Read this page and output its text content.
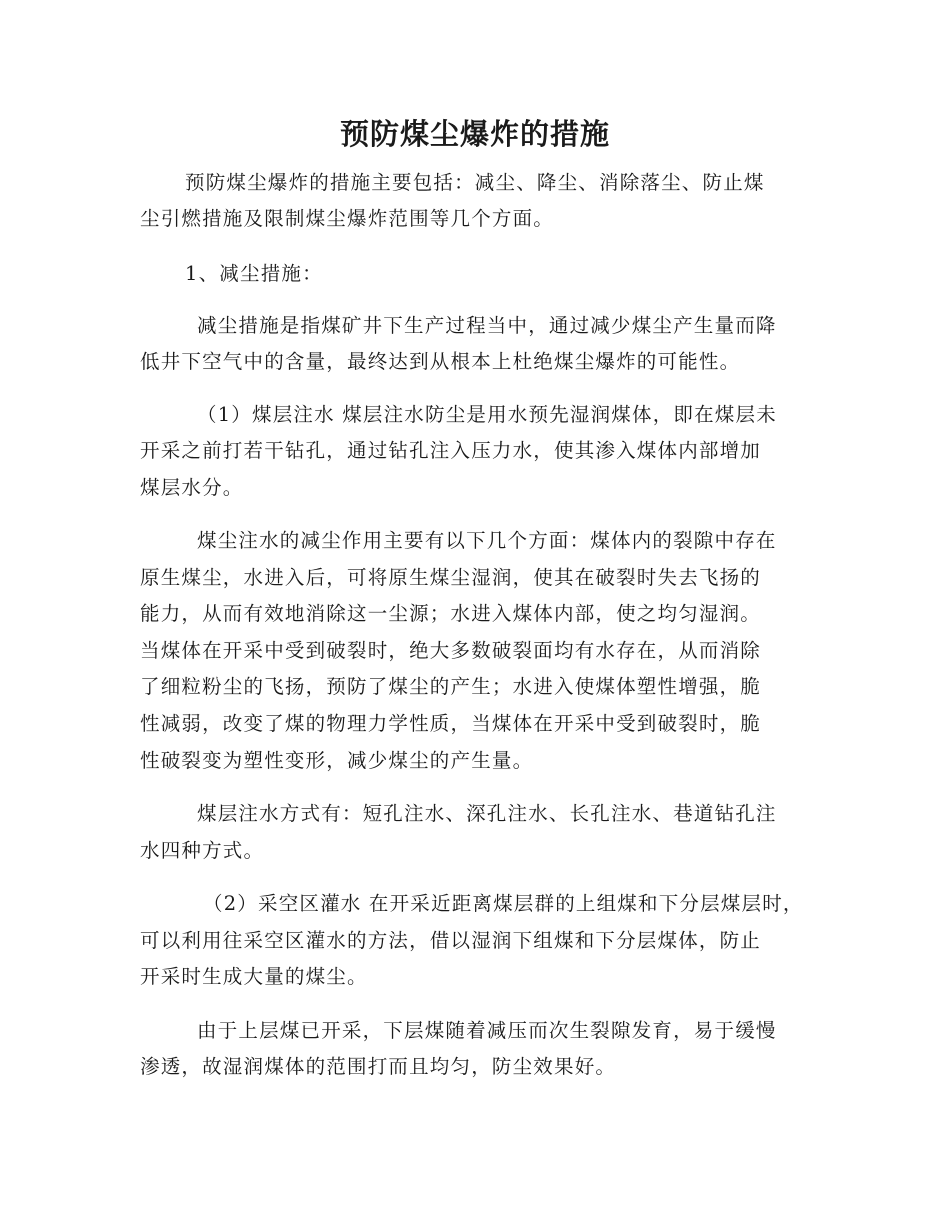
预防煤尘爆炸的措施
预防煤尘爆炸的措施主要包括：减尘、降尘、消除落尘、防止煤
尘引燃措施及限制煤尘爆炸范围等几个方面。
1、减尘措施：
减尘措施是指煤矿井下生产过程当中，通过减少煤尘产生量而降
低井下空气中的含量，最终达到从根本上杜绝煤尘爆炸的可能性。
（1）煤层注水 煤层注水防尘是用水预先湿润煤体，即在煤层未
开采之前打若干钻孔，通过钻孔注入压力水，使其渗入煤体内部增加
煤层水分。
煤尘注水的减尘作用主要有以下几个方面：煤体内的裂隙中存在
原生煤尘，水进入后，可将原生煤尘湿润，使其在破裂时失去飞扬的
能力，从而有效地消除这一尘源；水进入煤体内部，使之均匀湿润。
当煤体在开采中受到破裂时，绝大多数破裂面均有水存在，从而消除
了细粒粉尘的飞扬，预防了煤尘的产生；水进入使煤体塑性增强，脆
性减弱，改变了煤的物理力学性质，当煤体在开采中受到破裂时，脆
性破裂变为塑性变形，减少煤尘的产生量。
煤层注水方式有：短孔注水、深孔注水、长孔注水、巷道钻孔注
水四种方式。
（2）采空区灌水 在开采近距离煤层群的上组煤和下分层煤层时，
可以利用往采空区灌水的方法，借以湿润下组煤和下分层煤体，防止
开采时生成大量的煤尘。
由于上层煤已开采，下层煤随着减压而次生裂隙发育，易于缓慢
渗透，故湿润煤体的范围打而且均匀，防尘效果好。
